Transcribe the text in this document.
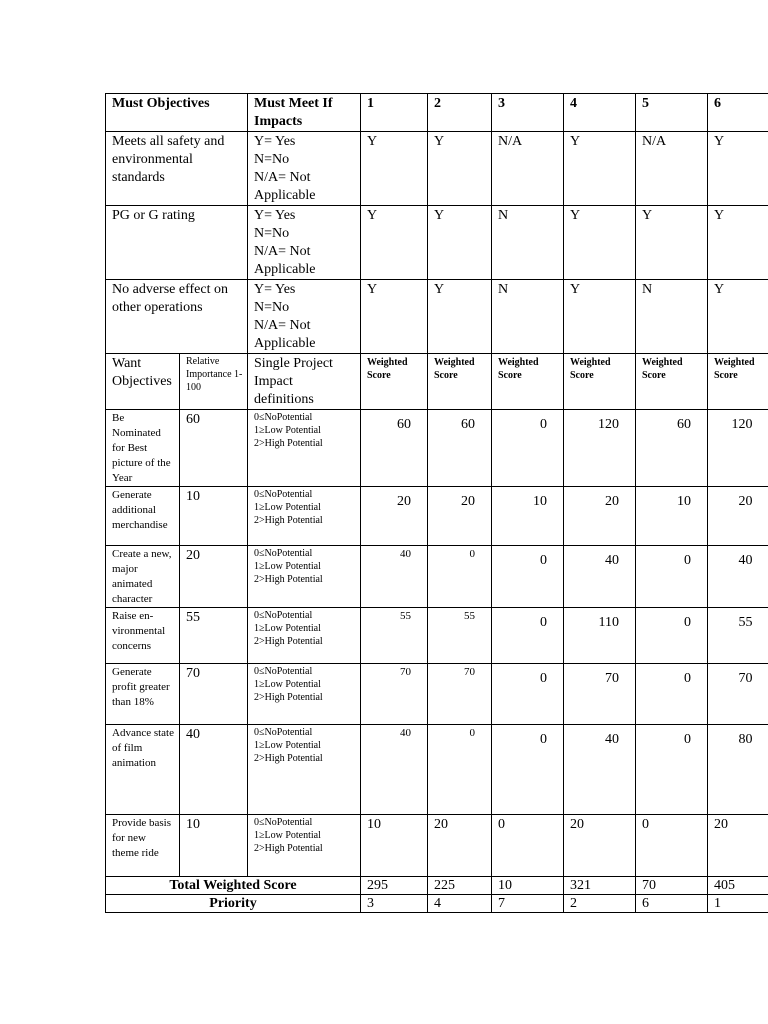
Must Objectives		Must Meet If Impacts	1	2	3	4	5	6
Meets all safety and environmental standards		Y= Yes
N=No
N/A= Not Applicable	Y	Y	N/A	Y	N/A	Y
PG or G rating		Y= Yes
N=No
N/A= Not Applicable	Y	Y	N	Y	Y	Y
No adverse effect on other operations		Y= Yes
N=No
N/A= Not Applicable	Y	Y	N	Y	N	Y
Want Objectives	Relative Importance 1-100	Single Project Impact definitions	Weighted Score	Weighted Score	Weighted Score	Weighted Score	Weighted Score	Weighted Score
Be Nominated for Best picture of the Year	60	0≤NoPotential
1≥Low Potential
2>High Potential	60	60	0	120	60	120
Generate additional merchandise	10	0≤NoPotential
1≥Low Potential
2>High Potential	20	20	10	20	10	20
Create a new, major animated character	20	0≤NoPotential
1≥Low Potential
2>High Potential	40	0	0	40	0	40
Raise en-vironmental concerns	55	0≤NoPotential
1≥Low Potential
2>High Potential	55	55	0	110	0	55
Generate profit greater than 18%	70	0≤NoPotential
1≥Low Potential
2>High Potential	70	70	0	70	0	70
Advance state of film animation	40	0≤NoPotential
1≥Low Potential
2>High Potential	40	0	0	40	0	80
Provide basis for new theme ride	10	0≤NoPotential
1≥Low Potential
2>High Potential	10	20	0	20	0	20
Total Weighted Score			295	225	10	321	70	405
Priority			3	4	7	2	6	1
